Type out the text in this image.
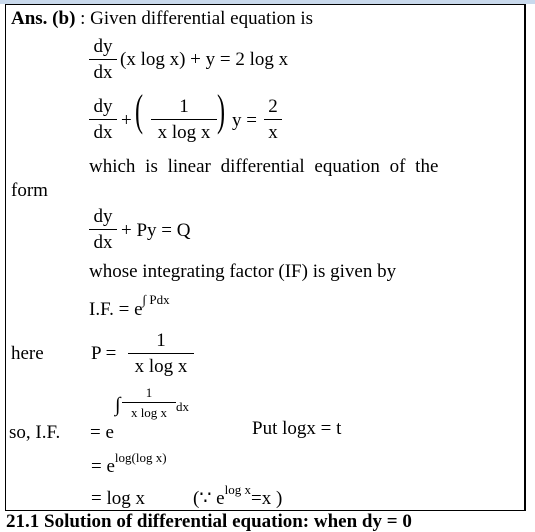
Ans. (b) : Given differential equation is
dy
dx
(x log x) + y = 2 log x
dy
dx
+ (	1
x log x ) y =
2
x
which is linear differential equation of the
form
dy
dx
+ Py = Q
whose integrating factor (IF) is given by
I.F. = $e^{\int Pdx}$
here P =
1
x log x
so, I.F. = e
∫
1
x log x dx
Put logx = t
= $e^{log(log x)}$
= log x	(∵ $e^{log x}=x$ )
21.1 Solution of differential equation: when dy = 0
